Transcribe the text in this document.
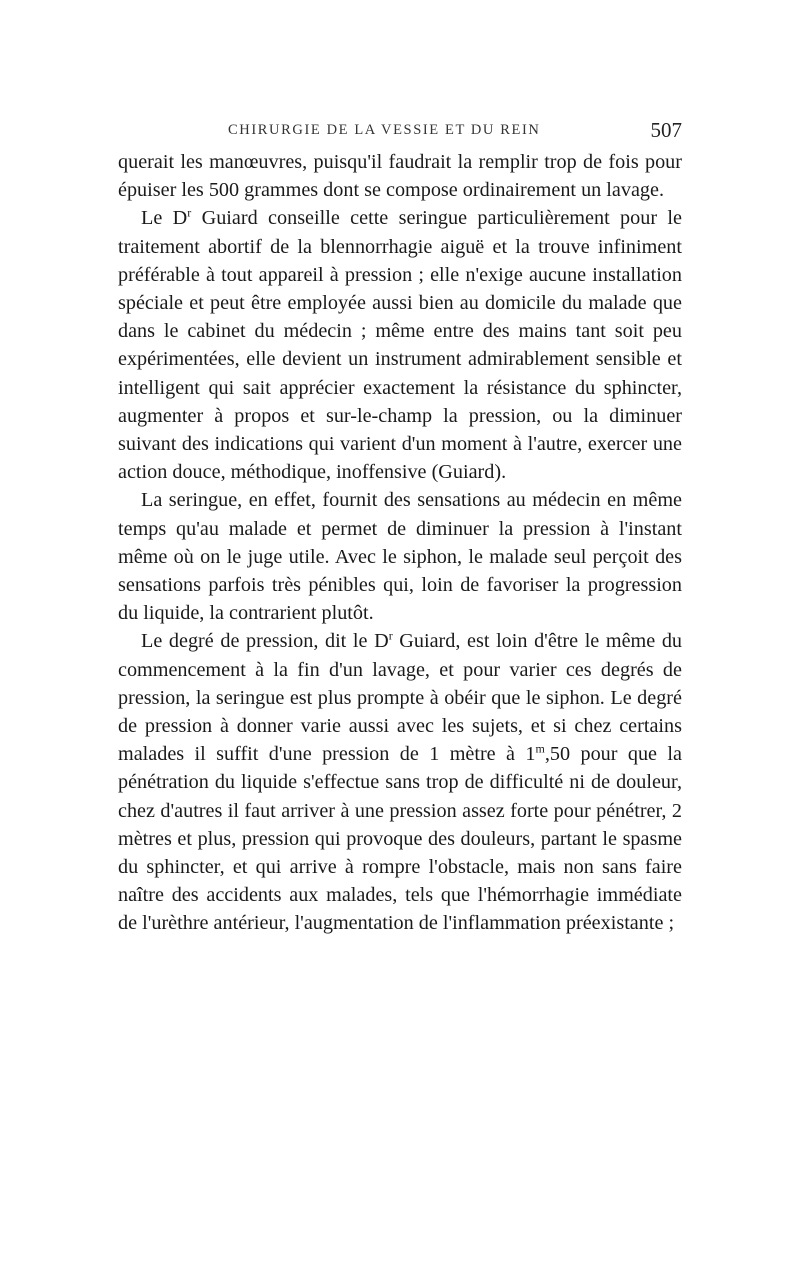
CHIRURGIE DE LA VESSIE ET DU REIN	507

querait les manœuvres, puisqu'il faudrait la remplir trop de fois pour épuiser les 500 grammes dont se compose ordinairement un lavage.

Le $D^r$ Guiard conseille cette seringue particulièrement pour le traitement abortif de la blennorrhagie aiguë et la trouve infiniment préférable à tout appareil à pression ; elle n'exige aucune installation spéciale et peut être employée aussi bien au domicile du malade que dans le cabinet du médecin ; même entre des mains tant soit peu expérimentées, elle devient un instrument admirablement sensible et intelligent qui sait apprécier exactement la résistance du sphincter, augmenter à propos et sur-le-champ la pression, ou la diminuer suivant des indications qui varient d'un moment à l'autre, exercer une action douce, méthodique, inoffensive (Guiard).

La seringue, en effet, fournit des sensations au médecin en même temps qu'au malade et permet de diminuer la pression à l'instant même où on le juge utile. Avec le siphon, le malade seul perçoit des sensations parfois très pénibles qui, loin de favoriser la progression du liquide, la contrarient plutôt.

Le degré de pression, dit le $D^r$ Guiard, est loin d'être le même du commencement à la fin d'un lavage, et pour varier ces degrés de pression, la seringue est plus prompte à obéir que le siphon. Le degré de pression à donner varie aussi avec les sujets, et si chez certains malades il suffit d'une pression de 1 mètre à 1$^m$,50 pour que la pénétration du liquide s'effectue sans trop de difficulté ni de douleur, chez d'autres il faut arriver à une pression assez forte pour pénétrer, 2 mètres et plus, pression qui provoque des douleurs, partant le spasme du sphincter, et qui arrive à rompre l'obstacle, mais non sans faire naître des accidents aux malades, tels que l'hémorrhagie immédiate de l'urèthre antérieur, l'augmentation de l'inflammation préexistante ;
